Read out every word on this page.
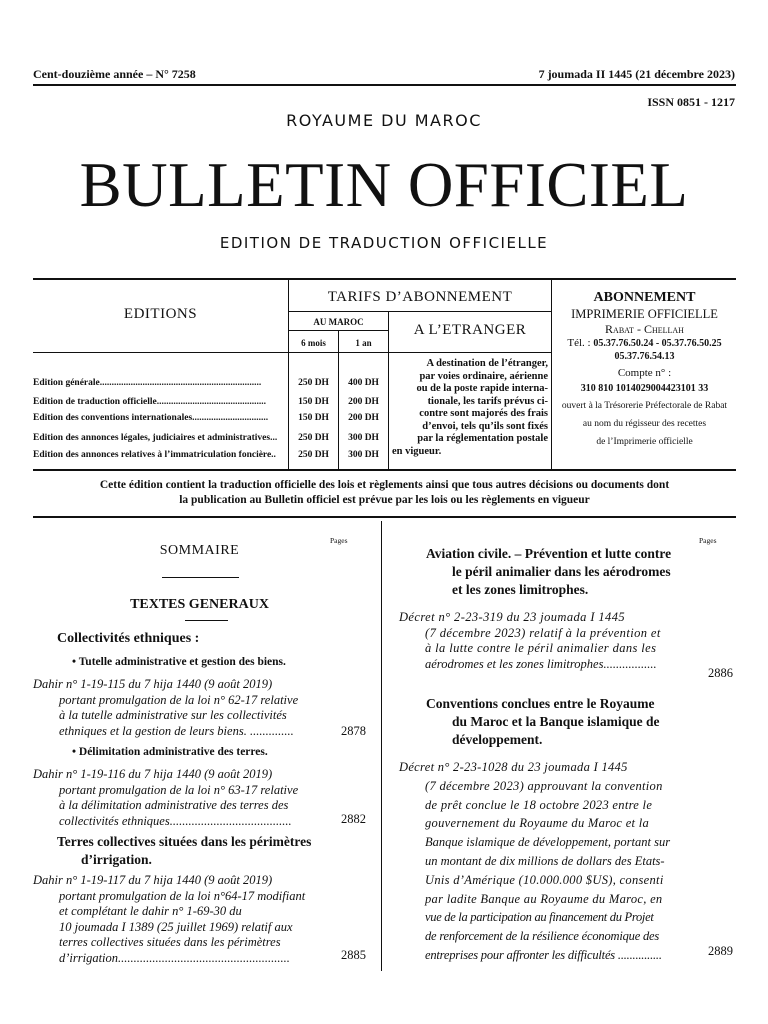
Cent-douzième année – N° 7258	7 joumada II 1445 (21 décembre 2023)
ISSN 0851 - 1217
ROYAUME DU MAROC
BULLETIN OFFICIEL
EDITION DE TRADUCTION OFFICIELLE
EDITIONS
TARIFS D’ABONNEMENT
AU MAROC
6 mois	1 an
A L’ETRANGER
Edition générale....................................................................	250 DH	400 DH
Edition de traduction officielle..............................................	150 DH	200 DH
Edition des conventions internationales................................	150 DH	200 DH
Edition des annonces légales, judiciaires et administratives...	250 DH	300 DH
Edition des annonces relatives à l’immatriculation foncière..	250 DH	300 DH
A destination de l’étranger,
par voies ordinaire, aérienne
ou de la poste rapide interna-
tionale, les tarifs prévus ci-
contre sont majorés des frais
d’envoi, tels qu’ils sont fixés
par la réglementation postale
en vigueur.
ABONNEMENT
IMPRIMERIE OFFICIELLE
Rabat - Chellah
Tél. : 05.37.76.50.24 - 05.37.76.50.25
05.37.76.54.13
Compte n° :
310 810 1014029004423101 33
ouvert à la Trésorerie Préfectorale de Rabat
au nom du régisseur des recettes
de l’Imprimerie officielle
Cette édition contient la traduction officielle des lois et règlements ainsi que tous autres décisions ou documents dont
la publication au Bulletin officiel est prévue par les lois ou les règlements en vigueur
Pages
SOMMAIRE
TEXTES GENERAUX
Collectivités ethniques :
• Tutelle administrative et gestion des biens.
Dahir n° 1-19-115 du 7 hija 1440 (9 août 2019)
portant promulgation de la loi n° 62-17 relative
à la tutelle administrative sur les collectivités
ethniques et la gestion de leurs biens. ..............	2878
• Délimitation administrative des terres.
Dahir n° 1-19-116 du 7 hija 1440 (9 août 2019)
portant promulgation de la loi n° 63-17 relative
à la délimitation administrative des terres des
collectivités ethniques.......................................	2882
Terres collectives situées dans les périmètres
d’irrigation.
Dahir n° 1-19-117 du 7 hija 1440 (9 août 2019)
portant promulgation de la loi n°64-17 modifiant
et complétant le dahir n° 1-69-30 du
10 joumada I 1389 (25 juillet 1969) relatif aux
terres collectives situées dans les périmètres
d’irrigation.......................................................	2885
Pages
Aviation civile. – Prévention et lutte contre
le péril animalier dans les aérodromes
et les zones limitrophes.
Décret n° 2-23-319 du 23 joumada I 1445
(7 décembre 2023) relatif à la prévention et
à la lutte contre le péril animalier dans les
aérodromes et les zones limitrophes.................
2886
Conventions conclues entre le Royaume
du Maroc et la Banque islamique de
développement.
Décret n° 2-23-1028 du 23 joumada I 1445
(7 décembre 2023) approuvant la convention
de prêt conclue le 18 octobre 2023 entre le
gouvernement du Royaume du Maroc et la
Banque islamique de développement, portant sur
un montant de dix millions de dollars des Etats-
Unis d’Amérique (10.000.000 $US), consenti
par ladite Banque au Royaume du Maroc, en
vue de la participation au financement du Projet
de renforcement de la résilience économique des
entreprises pour affronter les difficultés ...............	2889
